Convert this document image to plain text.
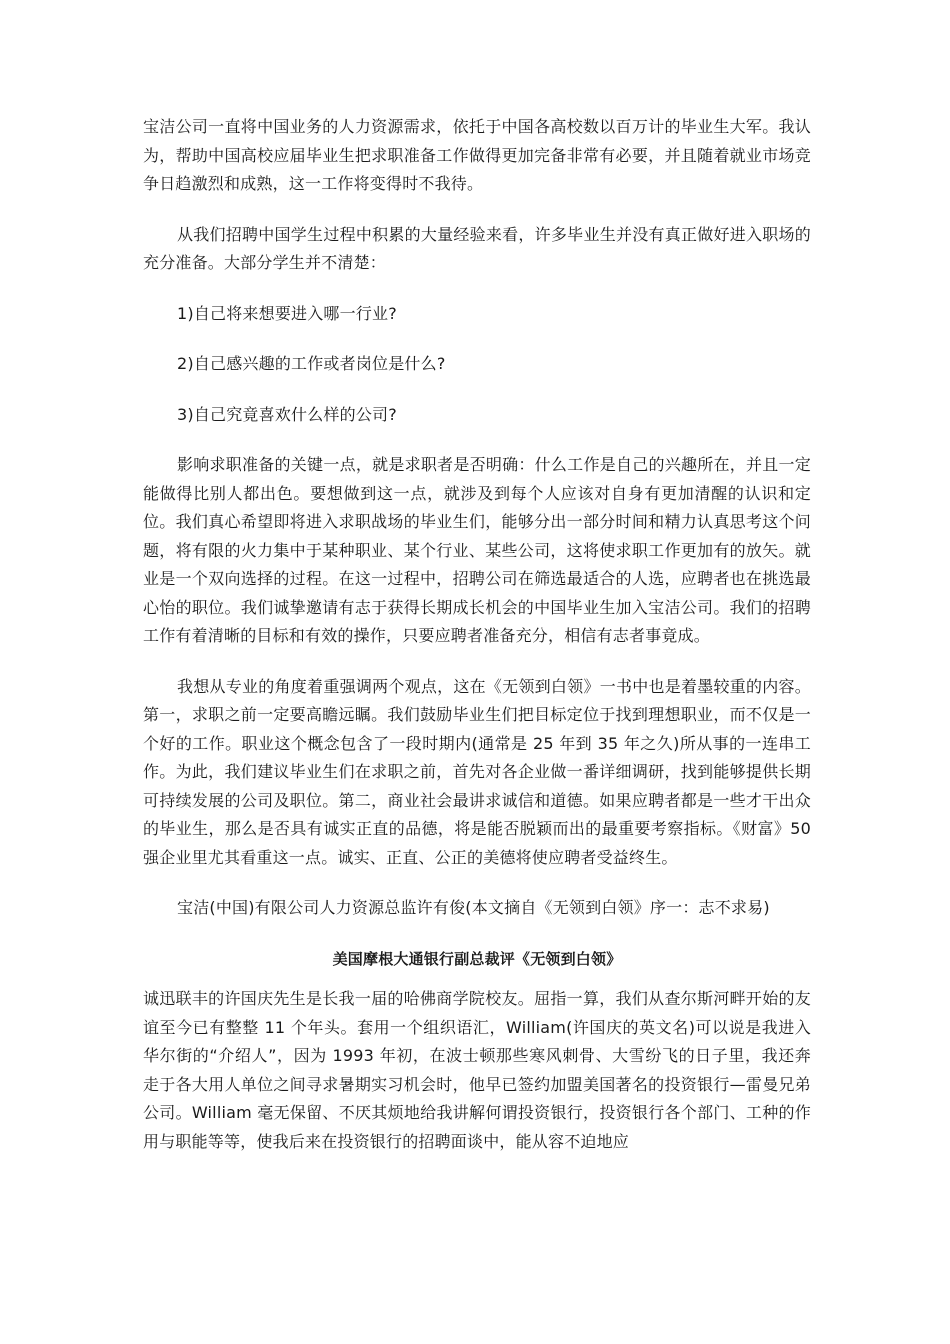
宝洁公司一直将中国业务的人力资源需求，依托于中国各高校数以百万计的毕业生大军。我认为，帮助中国高校应届毕业生把求职准备工作做得更加完备非常有必要，并且随着就业市场竞争日趋激烈和成熟，这一工作将变得时不我待。

从我们招聘中国学生过程中积累的大量经验来看，许多毕业生并没有真正做好进入职场的充分准备。大部分学生并不清楚：

1)自己将来想要进入哪一行业?

2)自己感兴趣的工作或者岗位是什么?

3)自己究竟喜欢什么样的公司?

影响求职准备的关键一点，就是求职者是否明确：什么工作是自己的兴趣所在，并且一定能做得比别人都出色。要想做到这一点，就涉及到每个人应该对自身有更加清醒的认识和定位。我们真心希望即将进入求职战场的毕业生们，能够分出一部分时间和精力认真思考这个问题，将有限的火力集中于某种职业、某个行业、某些公司，这将使求职工作更加有的放矢。就业是一个双向选择的过程。在这一过程中，招聘公司在筛选最适合的人选，应聘者也在挑选最心怡的职位。我们诚挚邀请有志于获得长期成长机会的中国毕业生加入宝洁公司。我们的招聘工作有着清晰的目标和有效的操作，只要应聘者准备充分，相信有志者事竟成。

我想从专业的角度着重强调两个观点，这在《无领到白领》一书中也是着墨较重的内容。第一，求职之前一定要高瞻远瞩。我们鼓励毕业生们把目标定位于找到理想职业，而不仅是一个好的工作。职业这个概念包含了一段时期内(通常是 25 年到 35 年之久)所从事的一连串工作。为此，我们建议毕业生们在求职之前，首先对各企业做一番详细调研，找到能够提供长期可持续发展的公司及职位。第二，商业社会最讲求诚信和道德。如果应聘者都是一些才干出众的毕业生，那么是否具有诚实正直的品德，将是能否脱颖而出的最重要考察指标。《财富》50 强企业里尤其看重这一点。诚实、正直、公正的美德将使应聘者受益终生。

宝洁(中国)有限公司人力资源总监许有俊(本文摘自《无领到白领》序一：志不求易)

美国摩根大通银行副总裁评《无领到白领》

诚迅联丰的许国庆先生是长我一届的哈佛商学院校友。屈指一算，我们从查尔斯河畔开始的友谊至今已有整整 11 个年头。套用一个组织语汇，William(许国庆的英文名)可以说是我进入华尔街的“介绍人”，因为 1993 年初，在波士顿那些寒风刺骨、大雪纷飞的日子里，我还奔走于各大用人单位之间寻求暑期实习机会时，他早已签约加盟美国著名的投资银行—雷曼兄弟公司。William 毫无保留、不厌其烦地给我讲解何谓投资银行，投资银行各个部门、工种的作用与职能等等，使我后来在投资银行的招聘面谈中，能从容不迫地应
